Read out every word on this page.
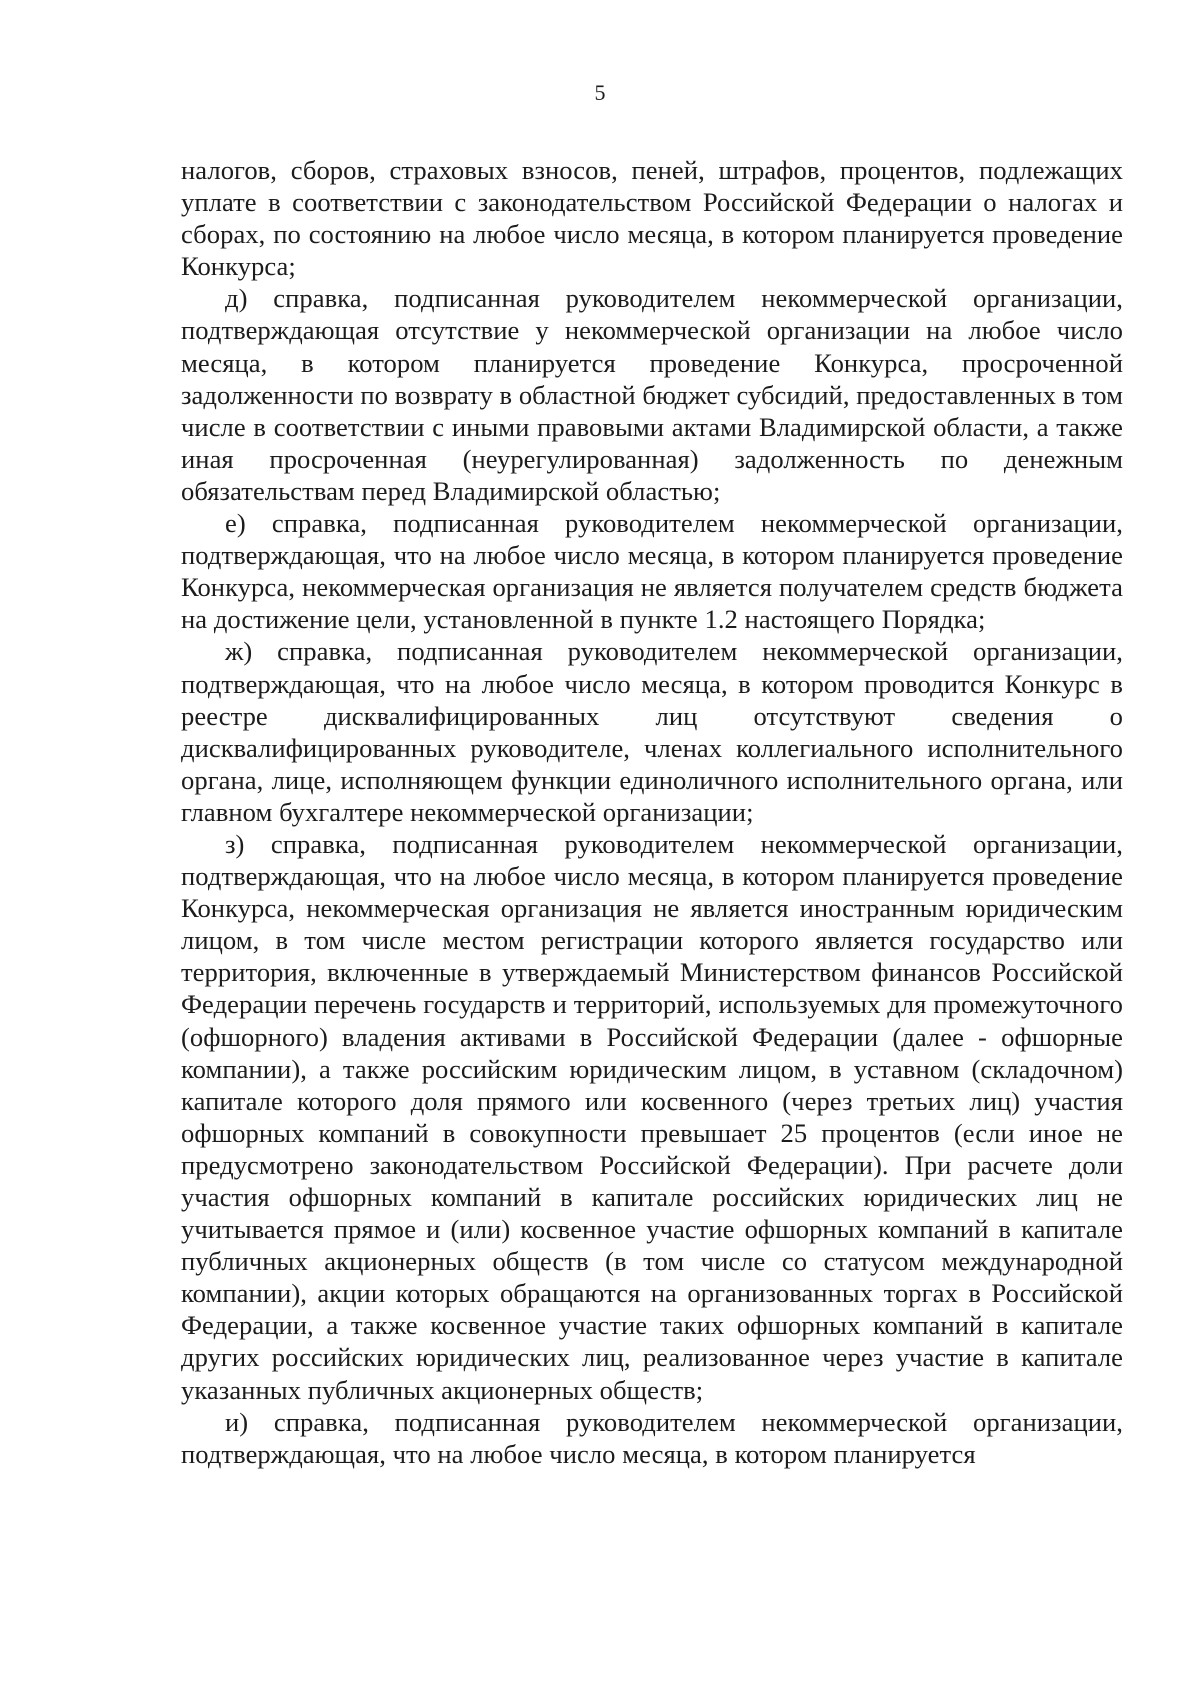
5

налогов, сборов, страховых взносов, пеней, штрафов, процентов, подлежащих уплате в соответствии с законодательством Российской Федерации о налогах и сборах, по состоянию на любое число месяца, в котором планируется проведение Конкурса;

д) справка, подписанная руководителем некоммерческой организации, подтверждающая отсутствие у некоммерческой организации на любое число месяца, в котором планируется проведение Конкурса, просроченной задолженности по возврату в областной бюджет субсидий, предоставленных в том числе в соответствии с иными правовыми актами Владимирской области, а также иная просроченная (неурегулированная) задолженность по денежным обязательствам перед Владимирской областью;

е) справка, подписанная руководителем некоммерческой организации, подтверждающая, что на любое число месяца, в котором планируется проведение Конкурса, некоммерческая организация не является получателем средств бюджета на достижение цели, установленной в пункте 1.2 настоящего Порядка;

ж) справка, подписанная руководителем некоммерческой организации, подтверждающая, что на любое число месяца, в котором проводится Конкурс в реестре дисквалифицированных лиц отсутствуют сведения о дисквалифицированных руководителе, членах коллегиального исполнительного органа, лице, исполняющем функции единоличного исполнительного органа, или главном бухгалтере некоммерческой организации;

з) справка, подписанная руководителем некоммерческой организации, подтверждающая, что на любое число месяца, в котором планируется проведение Конкурса, некоммерческая организация не является иностранным юридическим лицом, в том числе местом регистрации которого является государство или территория, включенные в утверждаемый Министерством финансов Российской Федерации перечень государств и территорий, используемых для промежуточного (офшорного) владения активами в Российской Федерации (далее - офшорные компании), а также российским юридическим лицом, в уставном (складочном) капитале которого доля прямого или косвенного (через третьих лиц) участия офшорных компаний в совокупности превышает 25 процентов (если иное не предусмотрено законодательством Российской Федерации). При расчете доли участия офшорных компаний в капитале российских юридических лиц не учитывается прямое и (или) косвенное участие офшорных компаний в капитале публичных акционерных обществ (в том числе со статусом международной компании), акции которых обращаются на организованных торгах в Российской Федерации, а также косвенное участие таких офшорных компаний в капитале других российских юридических лиц, реализованное через участие в капитале указанных публичных акционерных обществ;

и) справка, подписанная руководителем некоммерческой организации, подтверждающая, что на любое число месяца, в котором планируется
